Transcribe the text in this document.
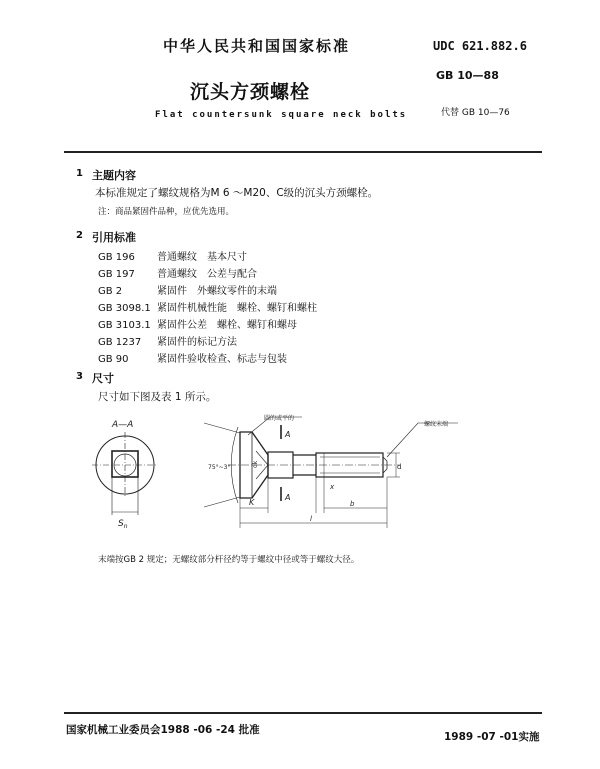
中华人民共和国国家标准	UDC 621.882.6
GB 10—88
沉头方颈螺栓
Flat countersunk square neck bolts	代替 GB 10—76
1 主题内容
本标准规定了螺纹规格为M 6 ～M20、C级的沉头方颈螺栓。
注：商品紧固件品种，应优先选用。
2 引用标准
GB 196 普通螺纹　基本尺寸
GB 197 普通螺纹　公差与配合
GB 2	紧固件　外螺纹零件的末端
GB 3098.1 紧固件机械性能　螺栓、螺钉和螺柱
GB 3103.1 紧固件公差　螺栓、螺钉和螺母
GB 1237 紧固件的标记方法
GB 90	紧固件验收检查、标志与包装
3 尺寸
尺寸如下图及表 1 所示。
A—A
$S_n$
圆的或平的
螺纹末端
75°~3°	dk	d
A
A
K
x
b
l
末端按GB 2 规定；无螺纹部分杆径约等于螺纹中径或等于螺纹大径。
国家机械工业委员会1988 -06 -24 批准
1989 -07 -01实施
